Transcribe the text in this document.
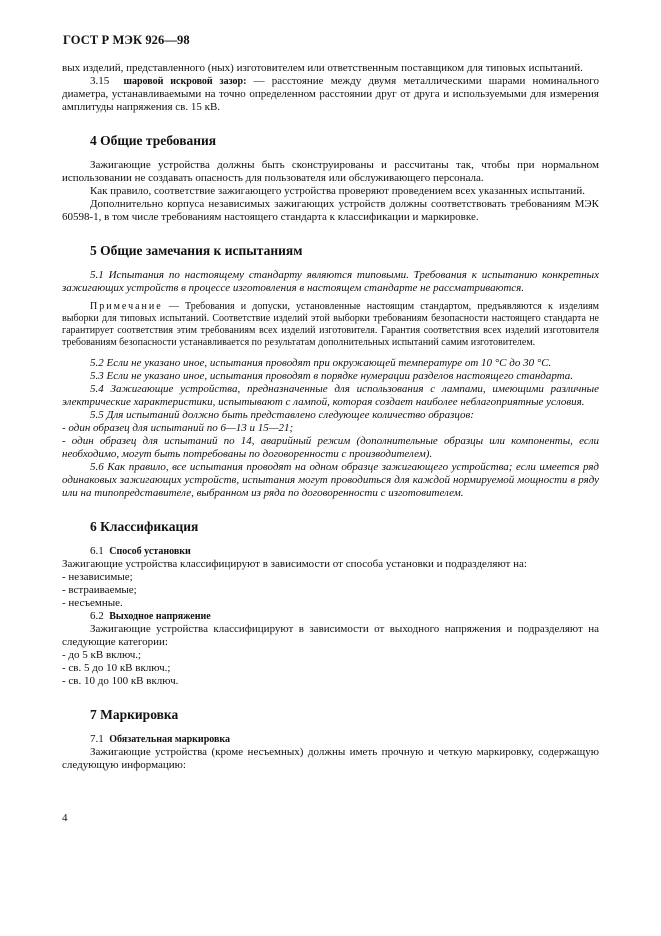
ГОСТ Р МЭК 926—98

вых изделий, представленного (ных) изготовителем или ответственным поставщиком для типовых испытаний.

3.15 шаровой искровой зазор: — расстояние между двумя металлическими шарами номинального диаметра, устанавливаемыми на точно определенном расстоянии друг от друга и используемыми для измерения амплитуды напряжения св. 15 кВ.

4 Общие требования

Зажигающие устройства должны быть сконструированы и рассчитаны так, чтобы при нормальном использовании не создавать опасность для пользователя или обслуживающего персонала.

Как правило, соответствие зажигающего устройства проверяют проведением всех указанных испытаний.

Дополнительно корпуса независимых зажигающих устройств должны соответствовать требованиям МЭК 60598-1, в том числе требованиям настоящего стандарта к классификации и маркировке.

5 Общие замечания к испытаниям

5.1 Испытания по настоящему стандарту являются типовыми. Требования к испытанию конкретных зажигающих устройств в процессе изготовления в настоящем стандарте не рассматриваются.

Примечание — Требования и допуски, установленные настоящим стандартом, предъявляются к изделиям выборки для типовых испытаний. Соответствие изделий этой выборки требованиям безопасности настоящего стандарта не гарантирует соответствия этим требованиям всех изделий изготовителя. Гарантия соответствия всех изделий изготовителя требованиям безопасности устанавливается по результатам дополнительных испытаний самим изготовителем.

5.2 Если не указано иное, испытания проводят при окружающей температуре от 10 °С до 30 °С.

5.3 Если не указано иное, испытания проводят в порядке нумерации разделов настоящего стандарта.

5.4 Зажигающие устройства, предназначенные для использования с лампами, имеющими различные электрические характеристики, испытывают с лампой, которая создает наиболее неблагоприятные условия.

5.5 Для испытаний должно быть представлено следующее количество образцов:

- один образец для испытаний по 6—13 и 15—21;

- один образец для испытаний по 14, аварийный режим (дополнительные образцы или компоненты, если необходимо, могут быть потребованы по договоренности с производителем).

5.6 Как правило, все испытания проводят на одном образце зажигающего устройства; если имеется ряд одинаковых зажигающих устройств, испытания могут проводиться для каждой нормируемой мощности в ряду или на типопредставителе, выбранном из ряда по договоренности с изготовителем.

6 Классификация

6.1 Способ установки

Зажигающие устройства классифицируют в зависимости от способа установки и подразделяют на:

- независимые;

- встраиваемые;

- несъемные.

6.2 Выходное напряжение

Зажигающие устройства классифицируют в зависимости от выходного напряжения и подразделяют на следующие категории:

- до 5 кВ включ.;

- св. 5 до 10 кВ включ.;

- св. 10 до 100 кВ включ.

7 Маркировка

7.1 Обязательная маркировка

Зажигающие устройства (кроме несъемных) должны иметь прочную и четкую маркировку, содержащую следующую информацию:

4
